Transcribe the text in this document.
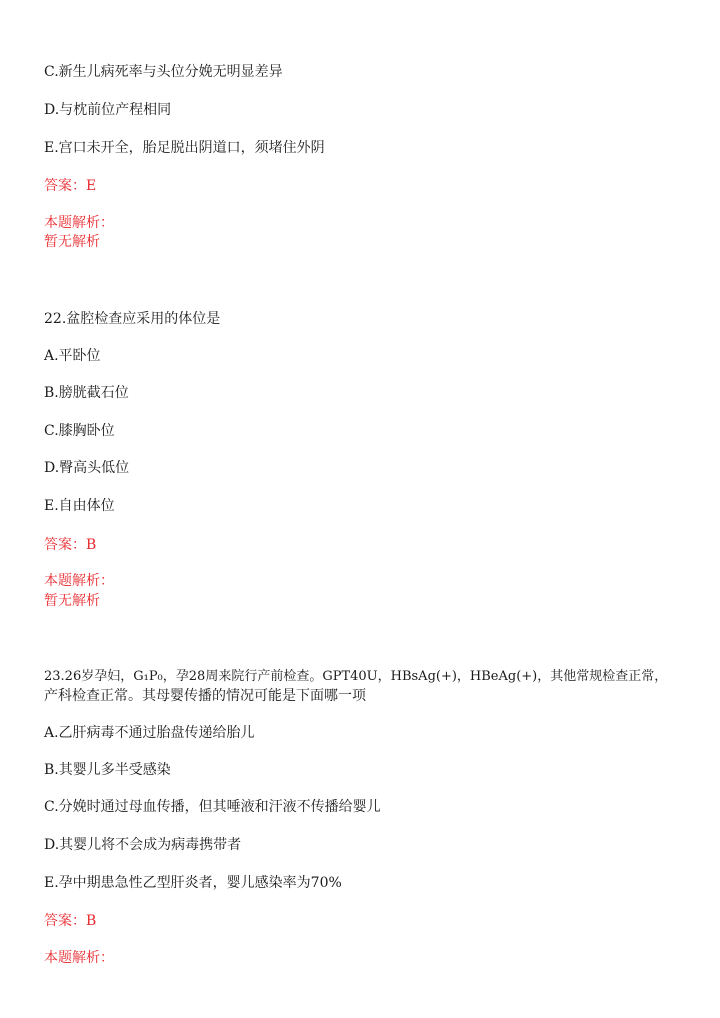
C.新生儿病死率与头位分娩无明显差异
D.与枕前位产程相同
E.宫口未开全，胎足脱出阴道口，须堵住外阴
答案：E
本题解析：
暂无解析
22.盆腔检查应采用的体位是
A.平卧位
B.膀胱截石位
C.膝胸卧位
D.臀高头低位
E.自由体位
答案：B
本题解析：
暂无解析
23.26岁孕妇，G₁P₀，孕28周来院行产前检查。GPT40U，HBsAg(+)，HBeAg(+)，其他常规检查正常，
产科检查正常。其母婴传播的情况可能是下面哪一项
A.乙肝病毒不通过胎盘传递给胎儿
B.其婴儿多半受感染
C.分娩时通过母血传播，但其唾液和汗液不传播给婴儿
D.其婴儿将不会成为病毒携带者
E.孕中期患急性乙型肝炎者，婴儿感染率为70%
答案：B
本题解析：
